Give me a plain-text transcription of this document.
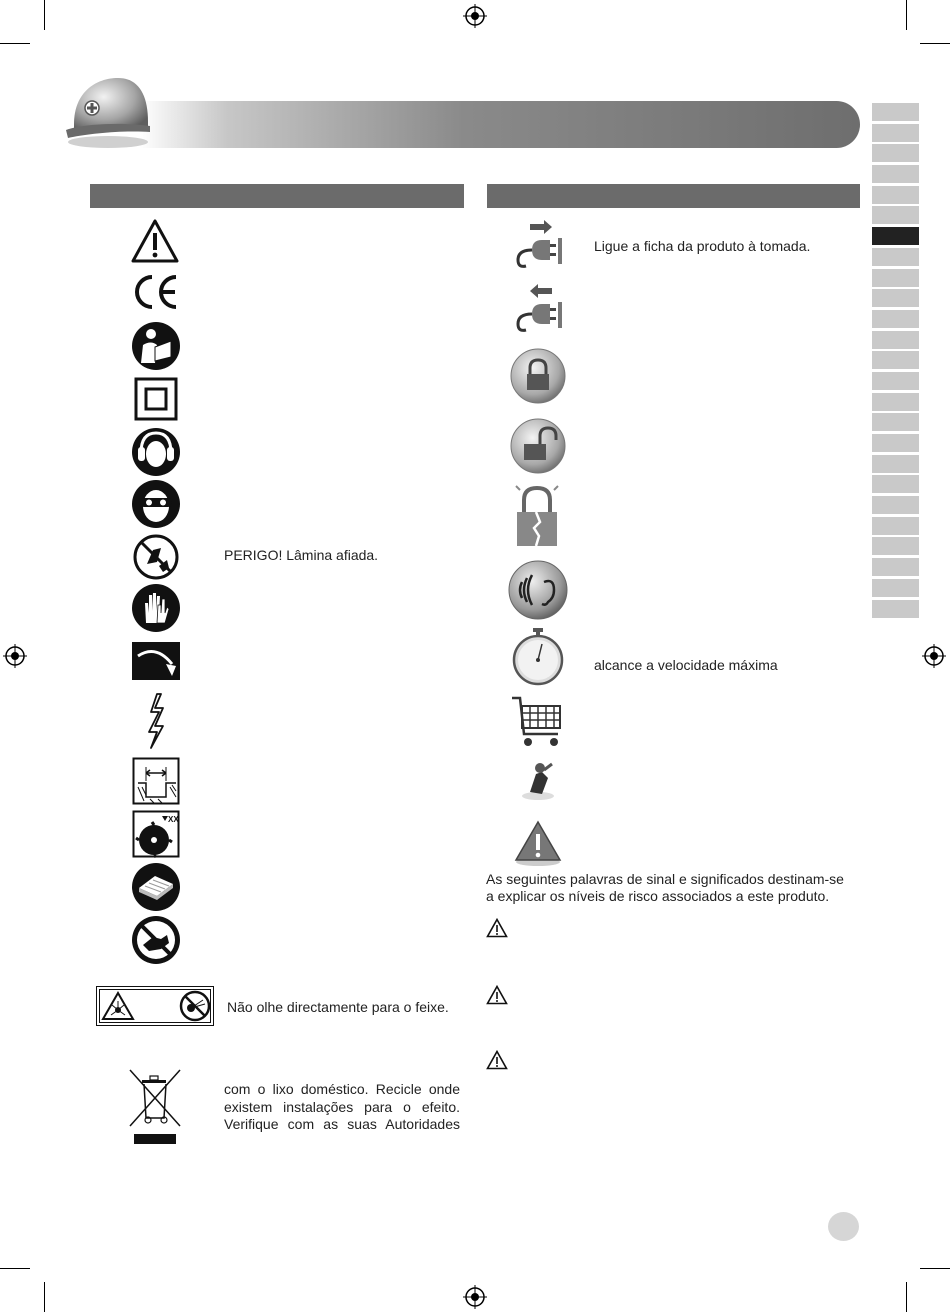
XX
PERIGO! Lâmina afiada.
Não olhe directamente para o feixe.
com o lixo doméstico. Recicle onde
existem instalações para o efeito.
Verifique com as suas Autoridades
Ligue a ficha da produto à tomada.
alcance a velocidade máxima
As seguintes palavras de sinal e significados destinam-se
a explicar os níveis de risco associados a este produto.
